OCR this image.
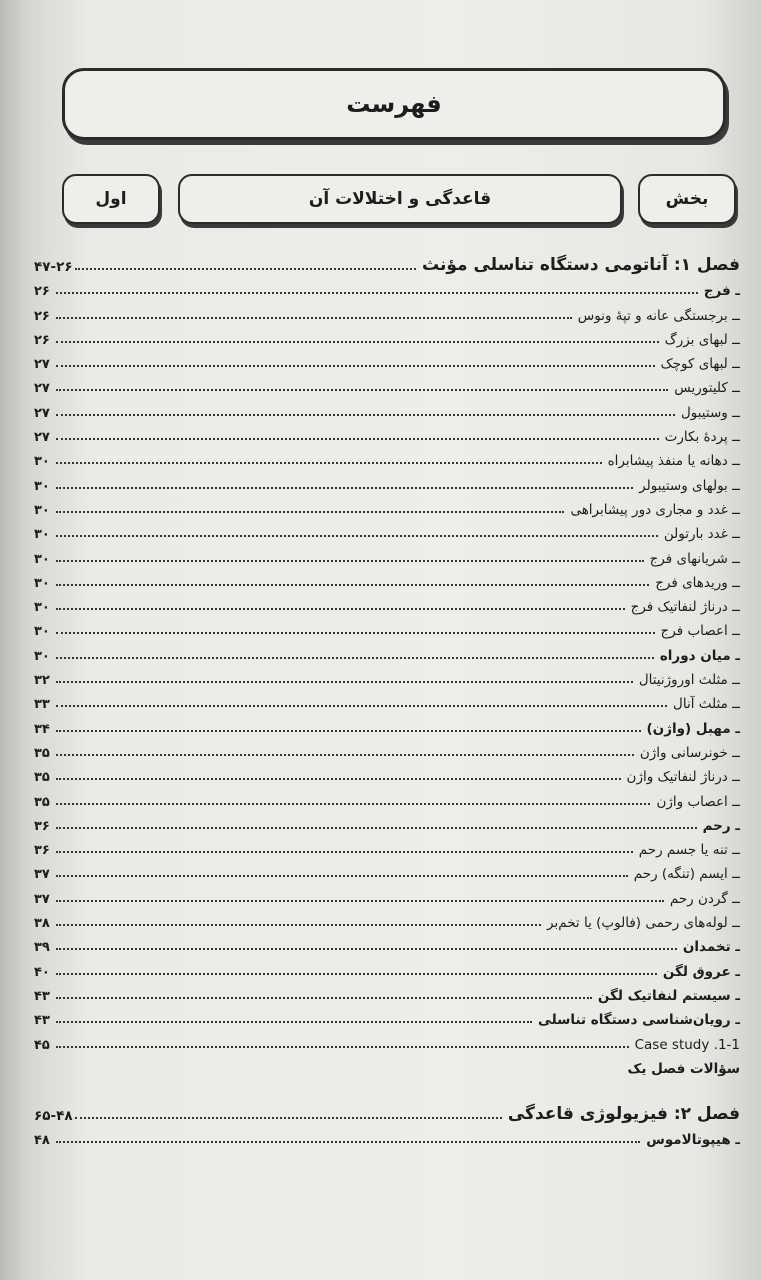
فهرست
بخش
قاعدگی و اختلالات آن
اول
فصل ۱: آناتومی دستگاه تناسلی مؤنث
۴۷-۲۶
ـ فرج
۲۶
ــ برجستگی عانه و تپهٔ ونوس
۲۶
ــ لبهای بزرگ
۲۶
ــ لبهای کوچک
۲۷
ــ کلیتوریس
۲۷
ــ وستیبول
۲۷
ــ پردهٔ بکارت
۲۷
ــ دهانه یا منفذ پیشابراه
۳۰
ــ بولهای وستیبولر
۳۰
ــ غدد و مجاری دور پیشابراهی
۳۰
ــ غدد بارتولن
۳۰
ــ شریانهای فرج
۳۰
ــ وریدهای فرج
۳۰
ــ درناژ لنفاتیک فرج
۳۰
ــ اعصاب فرج
۳۰
ـ میان دوراه
۳۰
ــ مثلث اوروژنیتال
۳۲
ــ مثلث آنال
۳۳
ـ مهبل (واژن)
۳۴
ــ خونرسانی واژن
۳۵
ــ درناژ لنفاتیک واژن
۳۵
ــ اعصاب واژن
۳۵
ـ رحم
۳۶
ــ تنه یا جسم رحم
۳۶
ــ ایسم (تنگه) رحم
۳۷
ــ گردن رحم
۳۷
ــ لوله‌های رحمی (فالوپ) یا تخم‌بر
۳۸
ـ تخمدان
۳۹
ـ عروق لگن
۴۰
ـ سیستم لنفاتیک لگن
۴۳
ـ رویان‌شناسی دستگاه تناسلی
۴۳
Case study .1-1
۴۵
سؤالات فصل یک
فصل ۲: فیزیولوژی قاعدگی
۶۵-۴۸
ـ هیپوتالاموس
۴۸
